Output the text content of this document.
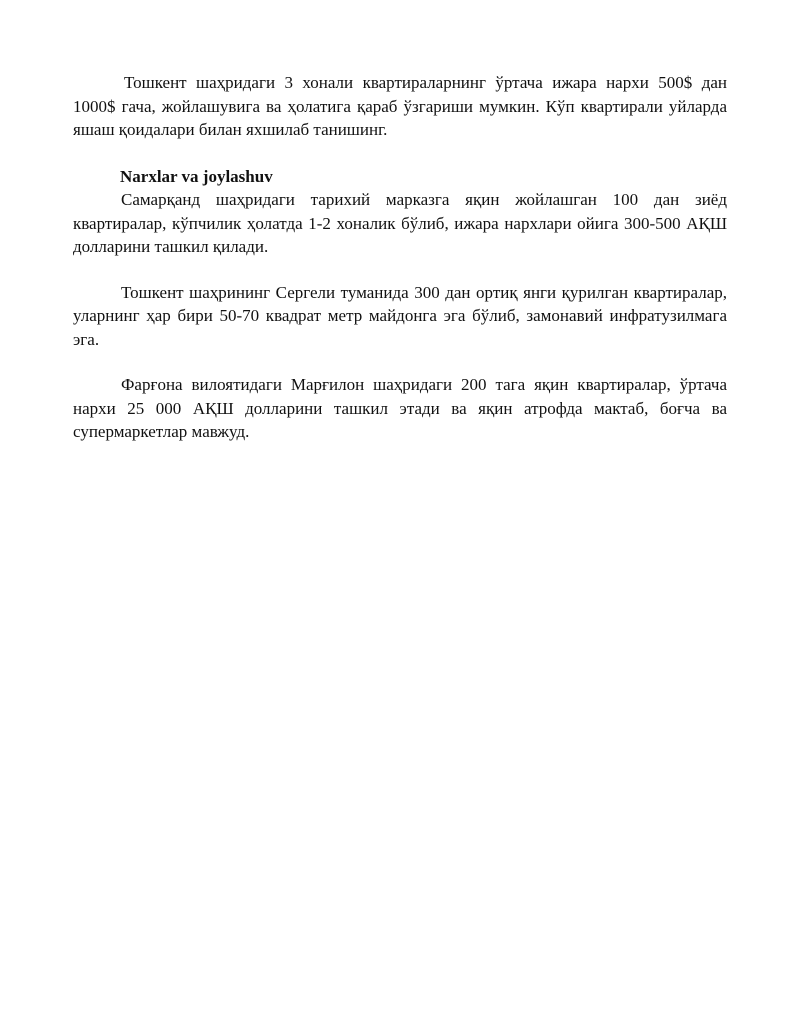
Тошкент шаҳридаги 3 хонали квартираларнинг ўртача ижара нархи 500$ дан 1000$ гача, жойлашувига ва ҳолатига қараб ўзгариши мумкин. Кўп квартирали уйларда яшаш қоидалари билан яхшилаб танишинг.

Narxlar va joylashuv

Самарқанд шаҳридаги тарихий марказга яқин жойлашган 100 дан зиёд квартиралар, кўпчилик ҳолатда 1-2 хоналик бўлиб, ижара нархлари ойига 300-500 АҚШ долларини ташкил қилади.

Тошкент шаҳрининг Сергели туманида 300 дан ортиқ янги қурилган квартиралар, уларнинг ҳар бири 50-70 квадрат метр майдонга эга бўлиб, замонавий инфратузилмага эга.

Фарғона вилоятидаги Марғилон шаҳридаги 200 тага яқин квартиралар, ўртача нархи 25 000 АҚШ долларини ташкил этади ва яқин атрофда мактаб, боғча ва супермаркетлар мавжуд.
